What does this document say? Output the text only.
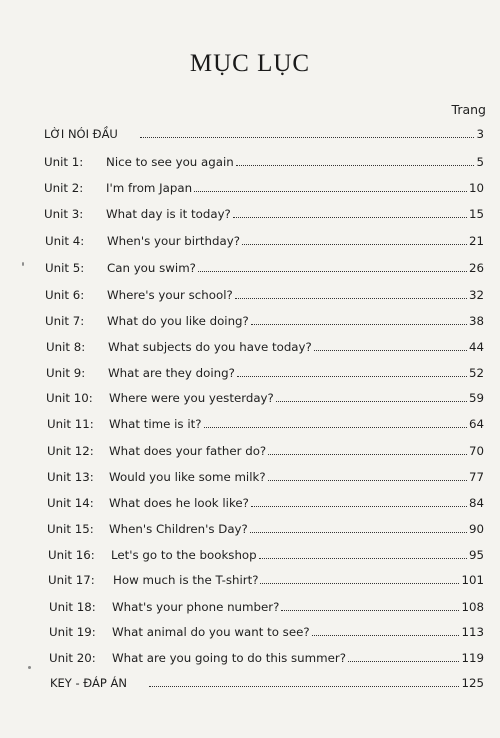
MỤC LỤC
Trang
LỜI NÓI ĐẦU	3
Unit 1:	Nice to see you again	5
Unit 2:	I'm from Japan	10
Unit 3:	What day is it today?	15
Unit 4:	When's your birthday?	21
Unit 5:	Can you swim?	26
Unit 6:	Where's your school?	32
Unit 7:	What do you like doing?	38
Unit 8:	What subjects do you have today?	44
Unit 9:	What are they doing?	52
Unit 10:	Where were you yesterday?	59
Unit 11:	What time is it?	64
Unit 12:	What does your father do?	70
Unit 13:	Would you like some milk?	77
Unit 14:	What does he look like?	84
Unit 15:	When's Children's Day?	90
Unit 16:	Let's go to the bookshop	95
Unit 17:	How much is the T-shirt?	101
Unit 18:	What's your phone number?	108
Unit 19:	What animal do you want to see?	113
Unit 20:	What are you going to do this summer?	119
KEY - ĐÁP ÁN	125
